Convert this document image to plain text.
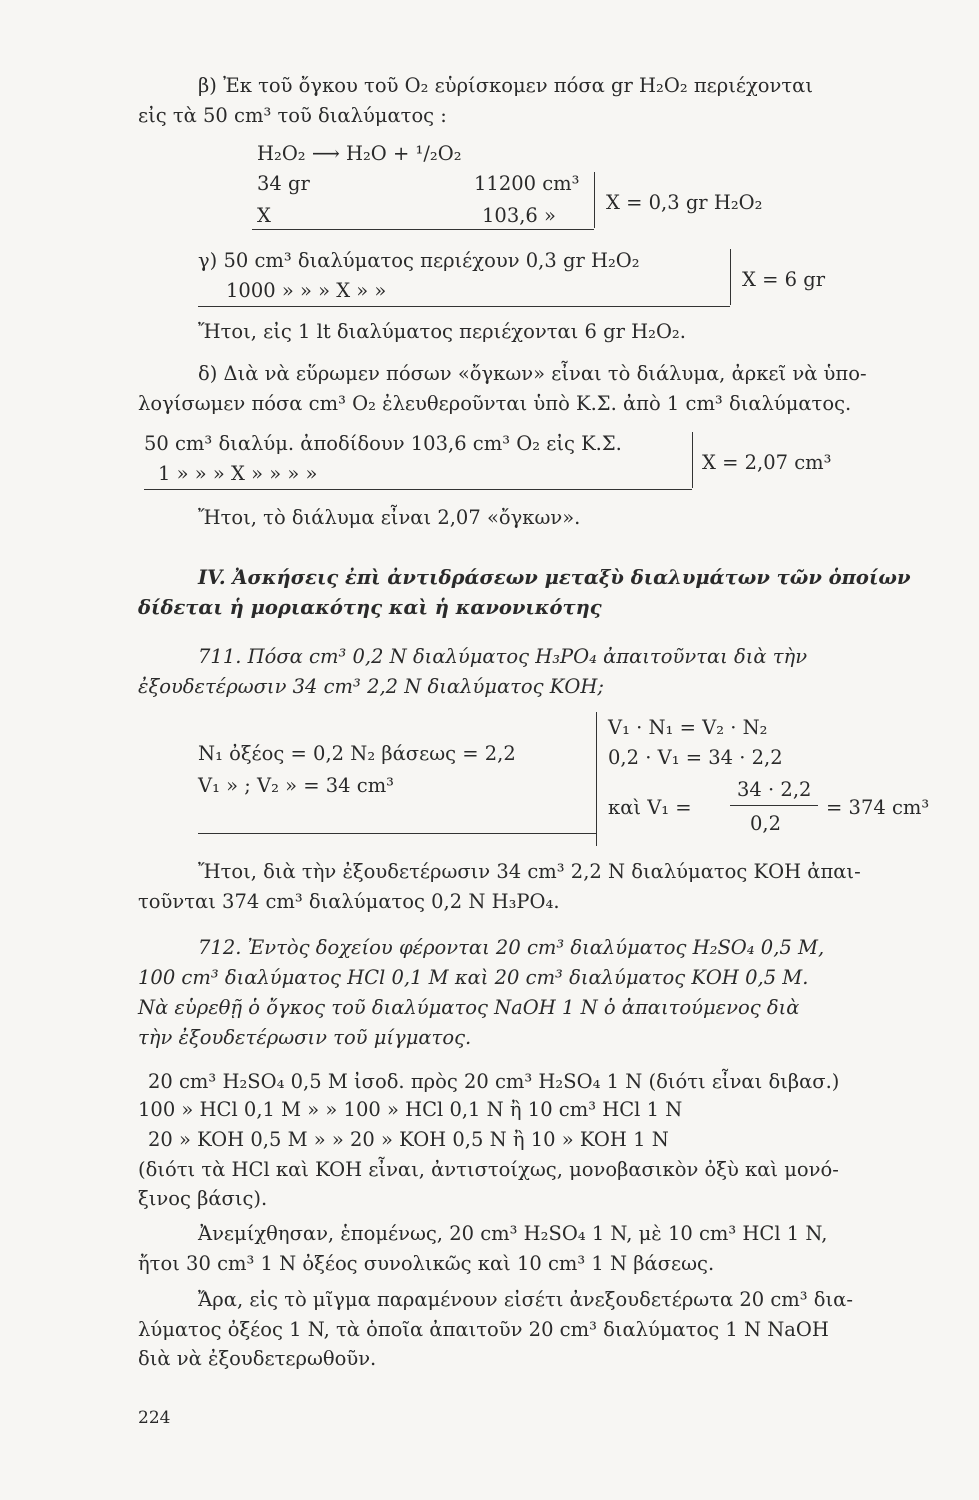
β) Ἐκ τοῦ ὄγκου τοῦ O₂ εὑρίσκομεν πόσα gr H₂O₂ περιέχονται
εἰς τὰ 50 cm³ τοῦ διαλύματος :
H₂O₂ ⟶ H₂O + ¹/₂O₂
34 gr	11200 cm³
X	103,6 »
X = 0,3 gr H₂O₂
γ) 50 cm³ διαλύματος περιέχουν 0,3 gr H₂O₂
1000 » » » X » »	X = 6 gr
Ἤτοι, εἰς 1 lt διαλύματος περιέχονται 6 gr H₂O₂.
δ) Διὰ νὰ εὕρωμεν πόσων «ὄγκων» εἶναι τὸ διάλυμα, ἀρκεῖ νὰ ὑπο-
λογίσωμεν πόσα cm³ O₂ ἐλευθεροῦνται ὑπὸ Κ.Σ. ἀπὸ 1 cm³ διαλύματος.
50 cm³ διαλύμ. ἀποδίδουν 103,6 cm³ O₂ εἰς Κ.Σ.
1 » » » X » » » »	X = 2,07 cm³
Ἤτοι, τὸ διάλυμα εἶναι 2,07 «ὄγκων».
IV. Ἀσκήσεις ἐπὶ ἀντιδράσεων μεταξὺ διαλυμάτων τῶν ὁποίων
δίδεται ἡ μοριακότης καὶ ἡ κανονικότης
711. Πόσα cm³ 0,2 N διαλύματος H₃PO₄ ἀπαιτοῦνται διὰ τὴν
ἐξουδετέρωσιν 34 cm³ 2,2 N διαλύματος ΚΟΗ;
N₁ ὀξέος = 0,2 N₂ βάσεως = 2,2
V₁ » ; V₂ » = 34 cm³
V₁ · N₁ = V₂ · N₂
0,2 · V₁ = 34 · 2,2
καὶ V₁ =
34 · 2,2
0,2
= 374 cm³
Ἤτοι, διὰ τὴν ἐξουδετέρωσιν 34 cm³ 2,2 N διαλύματος ΚΟΗ ἀπαι-
τοῦνται 374 cm³ διαλύματος 0,2 N H₃PO₄.
712. Ἐντὸς δοχείου φέρονται 20 cm³ διαλύματος H₂SO₄ 0,5 M,
100 cm³ διαλύματος HCl 0,1 M καὶ 20 cm³ διαλύματος ΚΟΗ 0,5 M.
Νὰ εὑρεθῇ ὁ ὄγκος τοῦ διαλύματος NaOH 1 N ὁ ἀπαιτούμενος διὰ
τὴν ἐξουδετέρωσιν τοῦ μίγματος.
20 cm³ H₂SO₄ 0,5 M ἰσοδ. πρὸς 20 cm³ H₂SO₄ 1 N (διότι εἶναι διβασ.)
100 » HCl 0,1 M » » 100 » HCl 0,1 N ἢ 10 cm³ HCl 1 N
20 » KOH 0,5 M » » 20 » KOH 0,5 N ἢ 10 » KOH 1 N
(διότι τὰ HCl καὶ KOH εἶναι, ἀντιστοίχως, μονοβασικὸν ὀξὺ καὶ μονό-
ξινος βάσις).
Ἀνεμίχθησαν, ἑπομένως, 20 cm³ H₂SO₄ 1 N, μὲ 10 cm³ HCl 1 N,
ἤτοι 30 cm³ 1 N ὀξέος συνολικῶς καὶ 10 cm³ 1 N βάσεως.
Ἄρα, εἰς τὸ μῖγμα παραμένουν εἰσέτι ἀνεξουδετέρωτα 20 cm³ δια-
λύματος ὀξέος 1 N, τὰ ὁποῖα ἀπαιτοῦν 20 cm³ διαλύματος 1 N NaOH
διὰ νὰ ἐξουδετερωθοῦν.
224
